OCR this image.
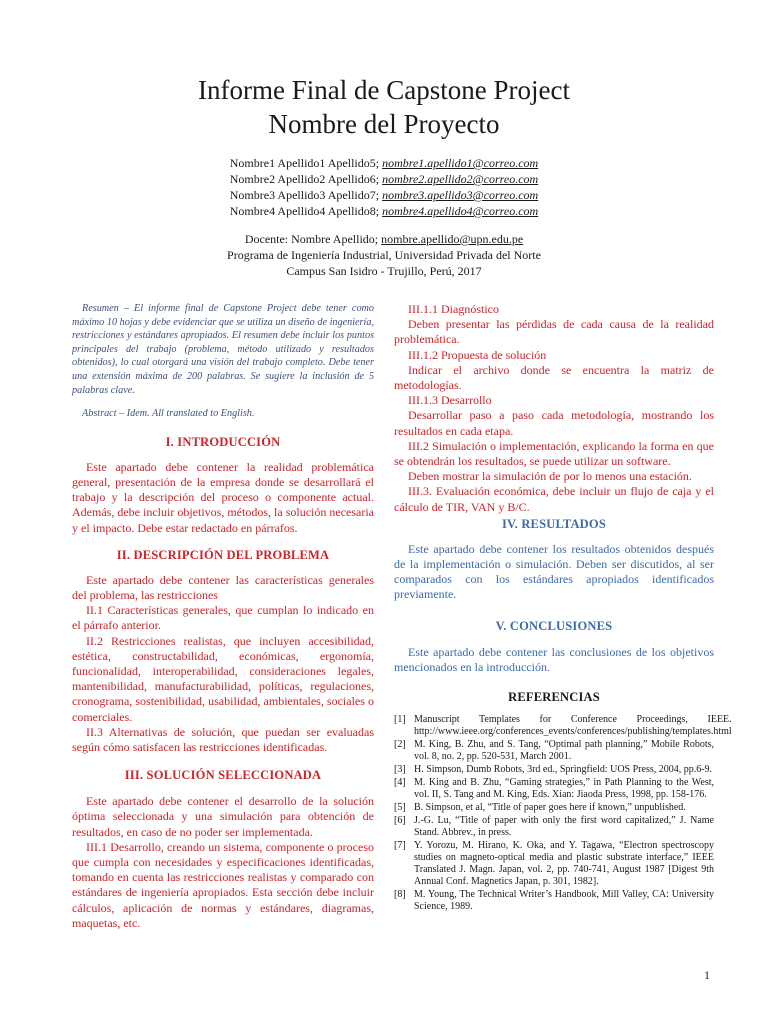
Informe Final de Capstone Project
Nombre del Proyecto
Nombre1 Apellido1 Apellido5; nombre1.apellido1@correo.com
Nombre2 Apellido2 Apellido6; nombre2.apellido2@correo.com
Nombre3 Apellido3 Apellido7; nombre3.apellido3@correo.com
Nombre4 Apellido4 Apellido8; nombre4.apellido4@correo.com
Docente: Nombre Apellido; nombre.apellido@upn.edu.pe
Programa de Ingeniería Industrial, Universidad Privada del Norte
Campus San Isidro - Trujillo, Perú, 2017

Resumen – El informe final de Capstone Project debe tener como máximo 10 hojas y debe evidenciar que se utiliza un diseño de ingeniería, restricciones y estándares apropiados. El resumen debe incluir los puntos principales del trabajo (problema, método utilizado y resultados obtenidos), lo cual otorgará una visión del trabajo completo. Debe tener una extensión máxima de 200 palabras. Se sugiere la inclusión de 5 palabras clave.

Abstract – Idem. All translated to English.

I. INTRODUCCIÓN

Este apartado debe contener la realidad problemática general, presentación de la empresa donde se desarrollará el trabajo y la descripción del proceso o componente actual. Además, debe incluir objetivos, métodos, la solución necesaria y el impacto. Debe estar redactado en párrafos.

II. DESCRIPCIÓN DEL PROBLEMA

Este apartado debe contener las características generales del problema, las restricciones

II.1 Características generales, que cumplan lo indicado en el párrafo anterior.

II.2 Restricciones realistas, que incluyen accesibilidad, estética, constructabilidad, económicas, ergonomía, funcionalidad, interoperabilidad, consideraciones legales, mantenibilidad, manufacturabilidad, políticas, regulaciones, cronograma, sostenibilidad, usabilidad, ambientales, sociales o comerciales.

II.3 Alternativas de solución, que puedan ser evaluadas según cómo satisfacen las restricciones identificadas.

III. SOLUCIÓN SELECCIONADA

Este apartado debe contener el desarrollo de la solución óptima seleccionada y una simulación para obtención de resultados, en caso de no poder ser implementada.

III.1 Desarrollo, creando un sistema, componente o proceso que cumpla con necesidades y especificaciones identificadas, tomando en cuenta las restricciones realistas y comparado con estándares de ingeniería apropiados. Esta sección debe incluir cálculos, aplicación de normas y estándares, diagramas, maquetas, etc.

III.1.1 Diagnóstico

Deben presentar las pérdidas de cada causa de la realidad problemática.

III.1.2 Propuesta de solución

Indicar el archivo donde se encuentra la matriz de metodologías.

III.1.3 Desarrollo

Desarrollar paso a paso cada metodología, mostrando los resultados en cada etapa.

III.2 Simulación o implementación, explicando la forma en que se obtendrán los resultados, se puede utilizar un software.

Deben mostrar la simulación de por lo menos una estación.

III.3. Evaluación económica, debe incluir un flujo de caja y el cálculo de TIR, VAN y B/C.

IV. RESULTADOS

Este apartado debe contener los resultados obtenidos después de la implementación o simulación. Deben ser discutidos, al ser comparados con los estándares apropiados identificados previamente.

V. CONCLUSIONES

Este apartado debe contener las conclusiones de los objetivos mencionados en la introducción.

REFERENCIAS
[1] Manuscript Templates for Conference Proceedings, IEEE. http://www.ieee.org/conferences_events/conferences/publishing/templates.html
[2] M. King, B. Zhu, and S. Tang, “Optimal path planning,” Mobile Robots, vol. 8, no. 2, pp. 520-531, March 2001.
[3] H. Simpson, Dumb Robots, 3rd ed., Springfield: UOS Press, 2004, pp.6-9.
[4] M. King and B. Zhu, “Gaming strategies,” in Path Planning to the West, vol. II, S. Tang and M. King, Eds. Xian: Jiaoda Press, 1998, pp. 158-176.
[5] B. Simpson, et al, “Title of paper goes here if known,” unpublished.
[6] J.-G. Lu, “Title of paper with only the first word capitalized,” J. Name Stand. Abbrev., in press.
[7] Y. Yorozu, M. Hirano, K. Oka, and Y. Tagawa, “Electron spectroscopy studies on magneto-optical media and plastic substrate interface,” IEEE Translated J. Magn. Japan, vol. 2, pp. 740-741, August 1987 [Digest 9th Annual Conf. Magnetics Japan, p. 301, 1982].
[8] M. Young, The Technical Writer’s Handbook, Mill Valley, CA: University Science, 1989.
1
